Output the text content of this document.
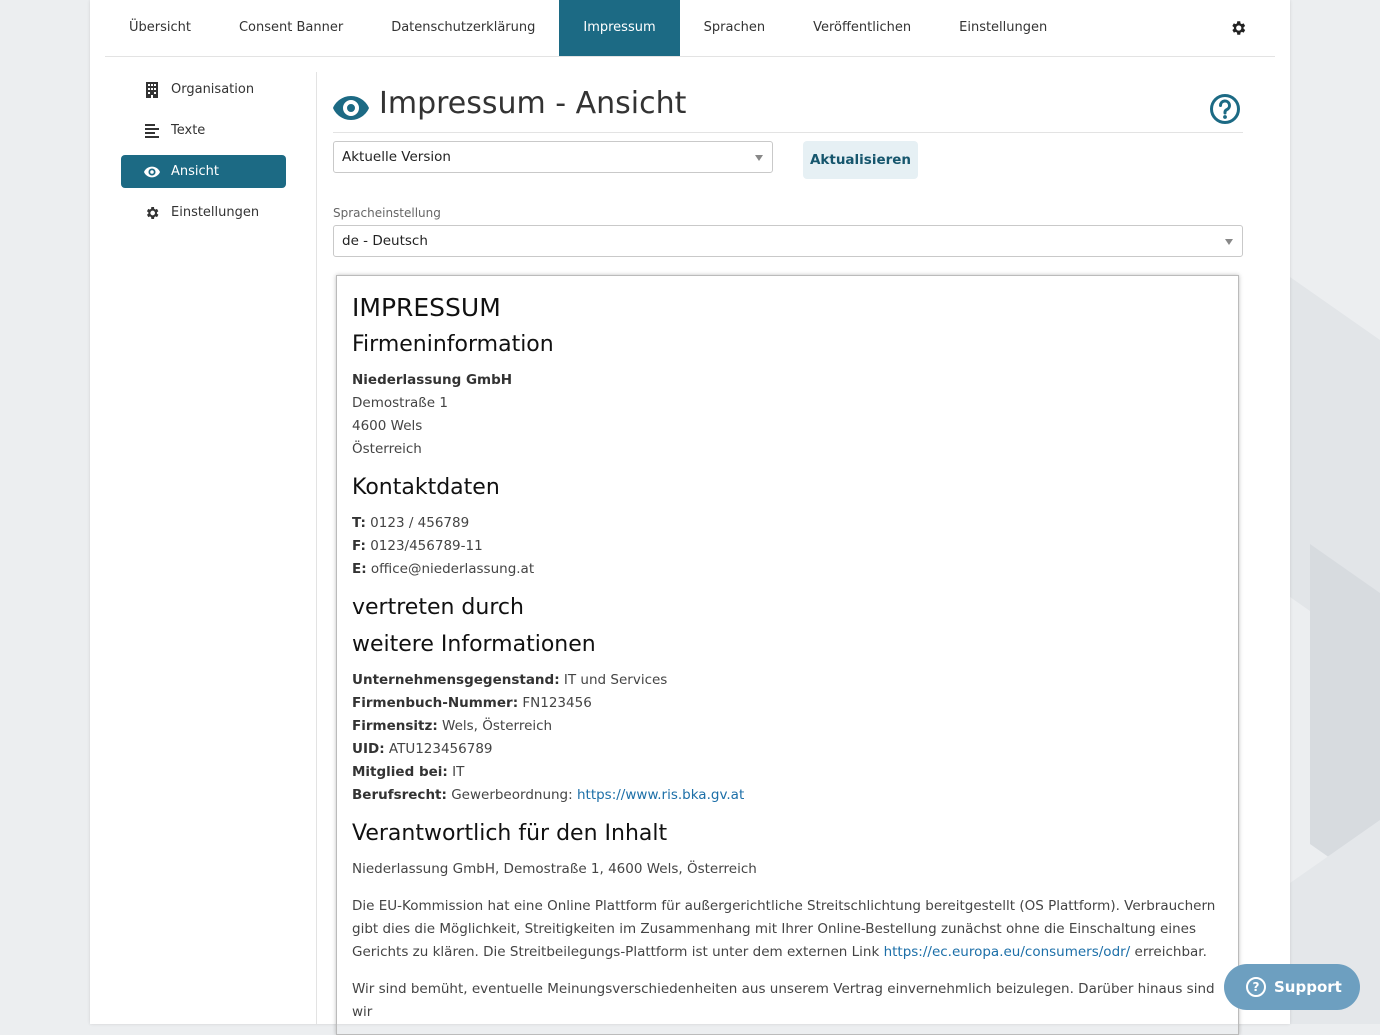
Übersicht	Consent Banner	Datenschutzerklärung	Impressum	Sprachen	Veröffentlichen	Einstellungen
Organisation
Texte
Ansicht
Einstellungen
Impressum - Ansicht
Aktuelle Version	Aktualisieren
Spracheinstellung
de - Deutsch
IMPRESSUM
Firmeninformation

Niederlassung GmbH
Demostraße 1
4600 Wels
Österreich

Kontaktdaten

T: 0123 / 456789
F: 0123/456789-11
E: office@niederlassung.at

vertreten durch
weitere Informationen

Unternehmensgegenstand: IT und Services
Firmenbuch-Nummer: FN123456
Firmensitz: Wels, Österreich
UID: ATU123456789
Mitglied bei: IT
Berufsrecht: Gewerbeordnung: https://www.ris.bka.gv.at

Verantwortlich für den Inhalt

Niederlassung GmbH, Demostraße 1, 4600 Wels, Österreich

Die EU-Kommission hat eine Online Plattform für außergerichtliche Streitschlichtung bereitgestellt (OS Plattform). Verbrauchern gibt dies die Möglichkeit, Streitigkeiten im Zusammenhang mit Ihrer Online-Bestellung zunächst ohne die Einschaltung eines Gerichts zu klären. Die Streitbeilegungs-Plattform ist unter dem externen Link https://ec.europa.eu/consumers/odr/ erreichbar.

Wir sind bemüht, eventuelle Meinungsverschiedenheiten aus unserem Vertrag einvernehmlich beizulegen. Darüber hinaus sind wir

? Support
